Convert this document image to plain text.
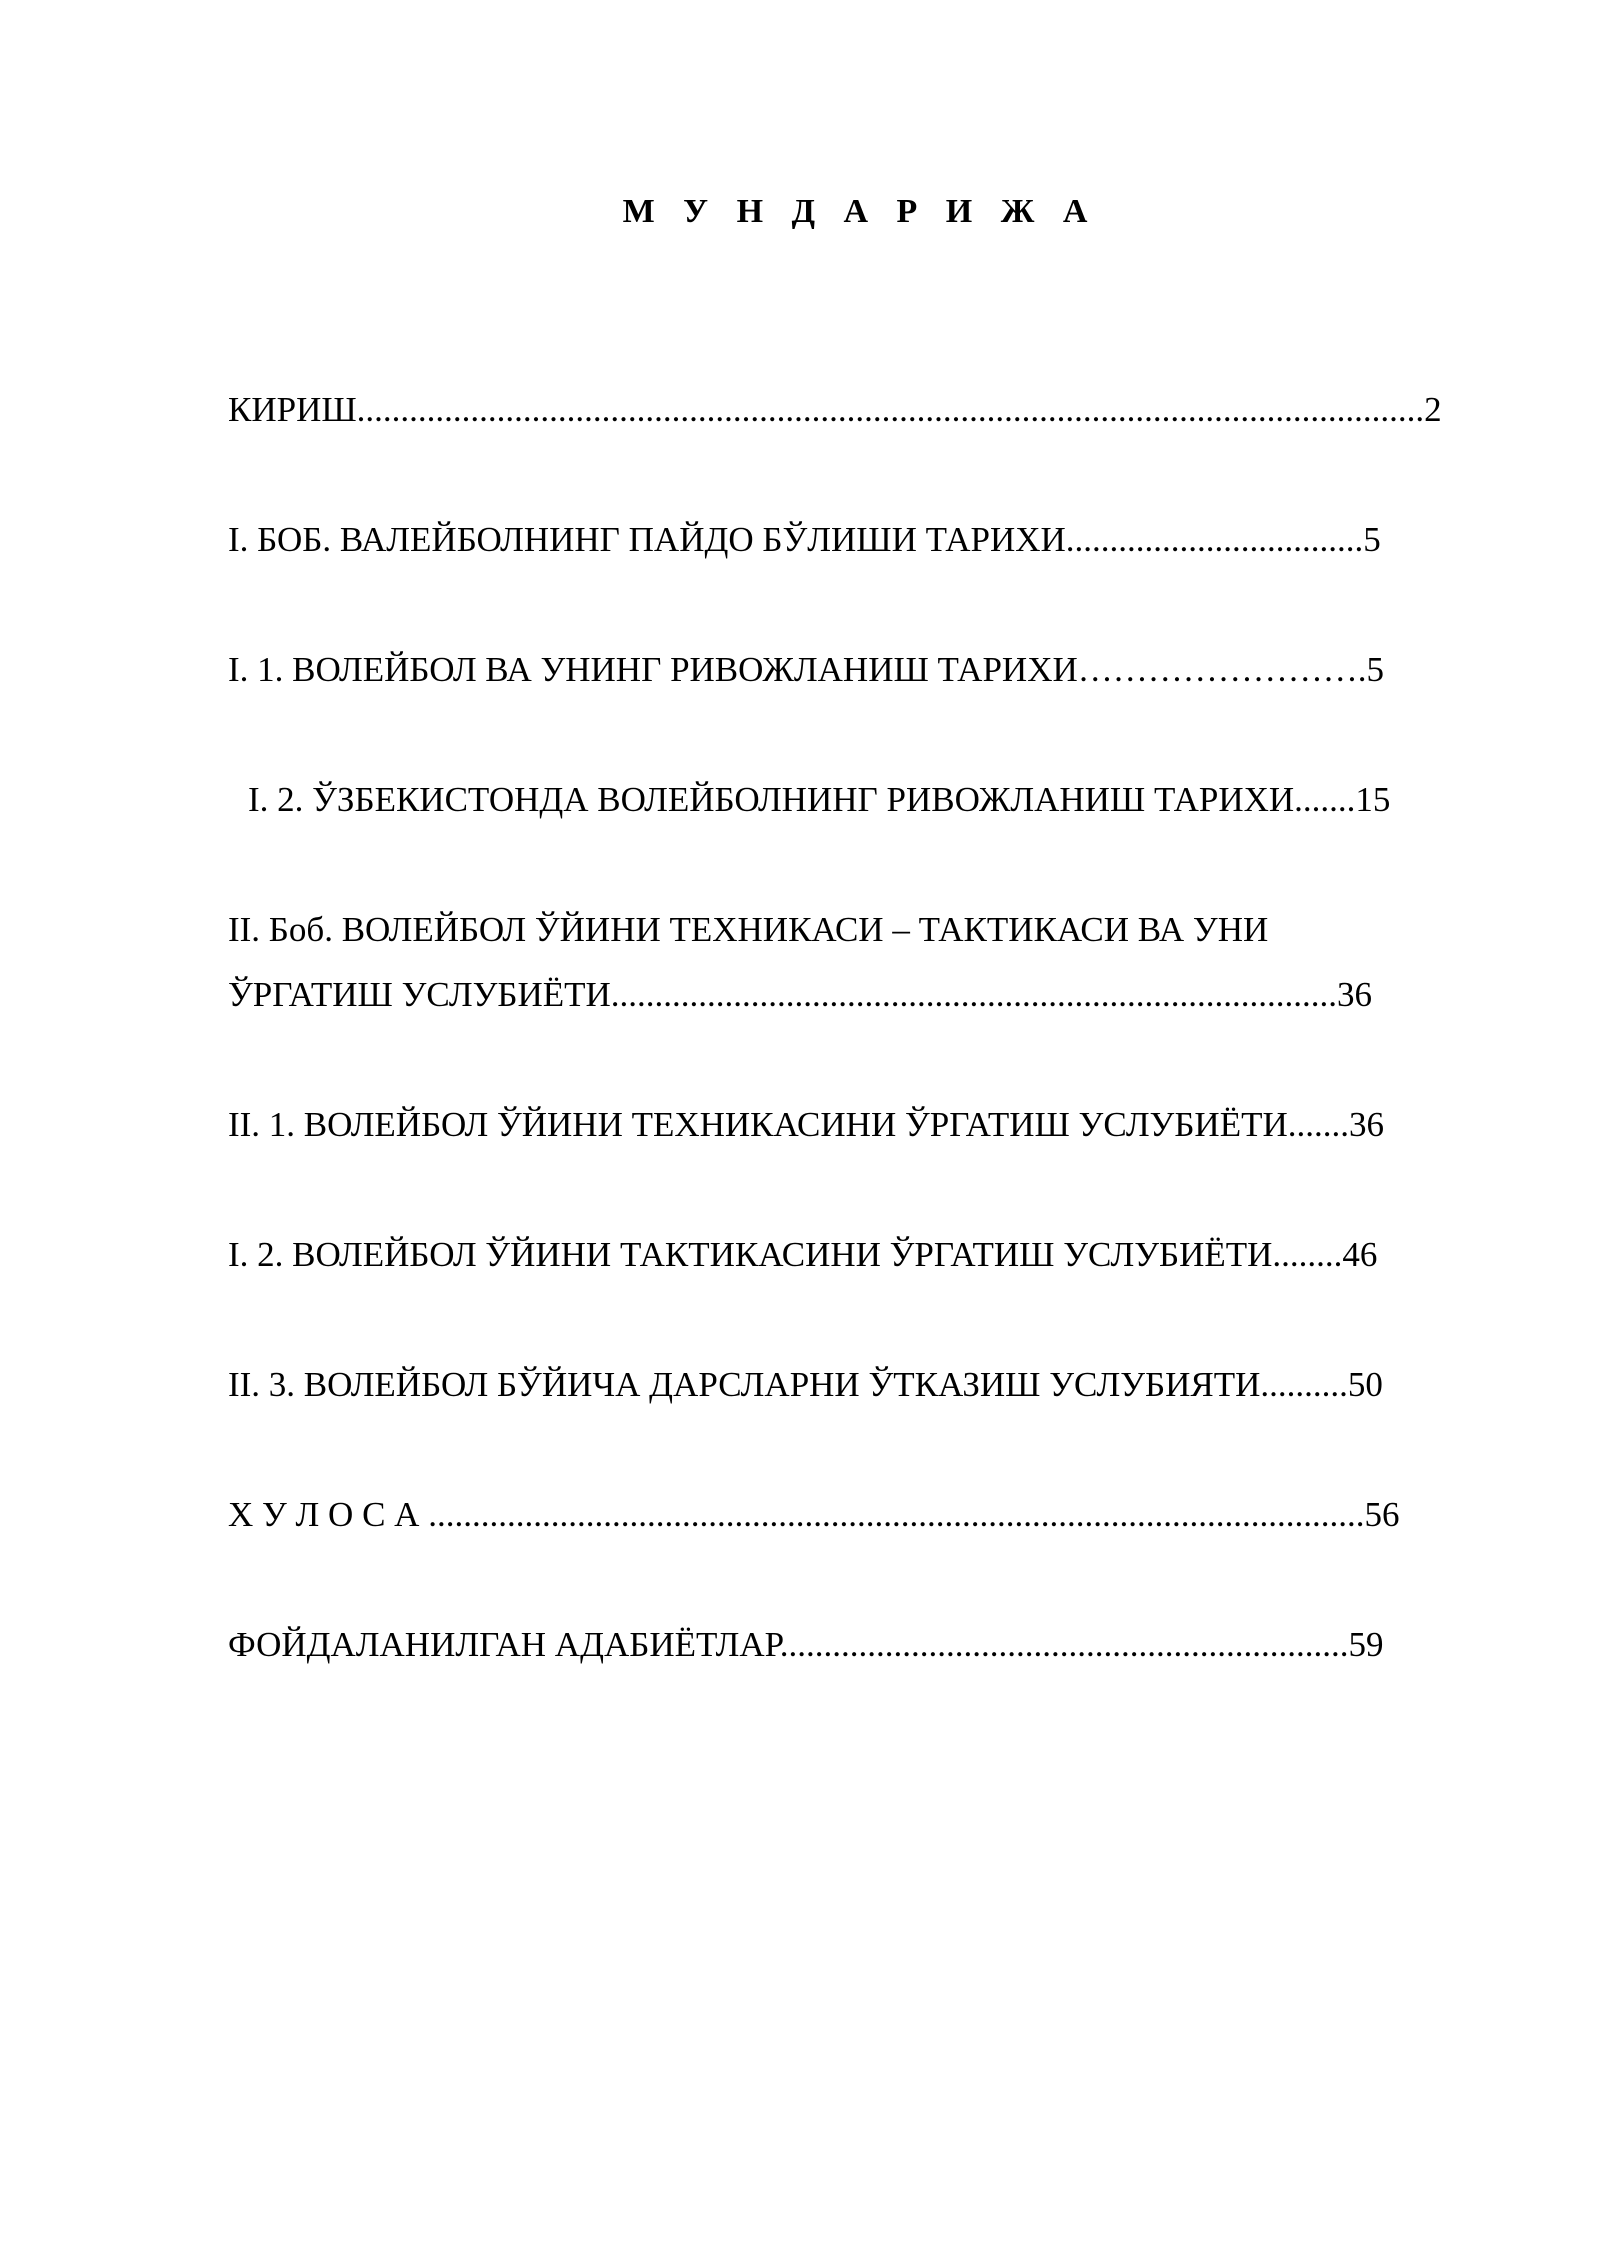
М У Н Д А Р И Ж А
КИРИШ..........................................................................................................................2
I. БОБ. ВАЛЕЙБОЛНИНГ ПАЙДО БЎЛИШИ ТАРИХИ..................................5
I. 1. ВОЛЕЙБОЛ ВА УНИНГ РИВОЖЛАНИШ ТАРИХИ…………………….5
I. 2. ЎЗБЕКИСТОНДА ВОЛЕЙБОЛНИНГ РИВОЖЛАНИШ ТАРИХИ.......15
II. Боб. ВОЛЕЙБОЛ ЎЙИНИ ТЕХНИКАСИ – ТАКТИКАСИ ВА УНИ
ЎРГАТИШ УСЛУБИЁТИ...................................................................................36
II. 1. ВОЛЕЙБОЛ ЎЙИНИ ТЕХНИКАСИНИ ЎРГАТИШ УСЛУБИЁТИ.......36
I. 2. ВОЛЕЙБОЛ ЎЙИНИ ТАКТИКАСИНИ ЎРГАТИШ УСЛУБИЁТИ........46
II. 3. ВОЛЕЙБОЛ БЎЙИЧА ДАРСЛАРНИ ЎТКАЗИШ УСЛУБИЯТИ..........50
Х У Л О С А ...........................................................................................................56
ФОЙДАЛАНИЛГАН АДАБИЁТЛАР.................................................................59
